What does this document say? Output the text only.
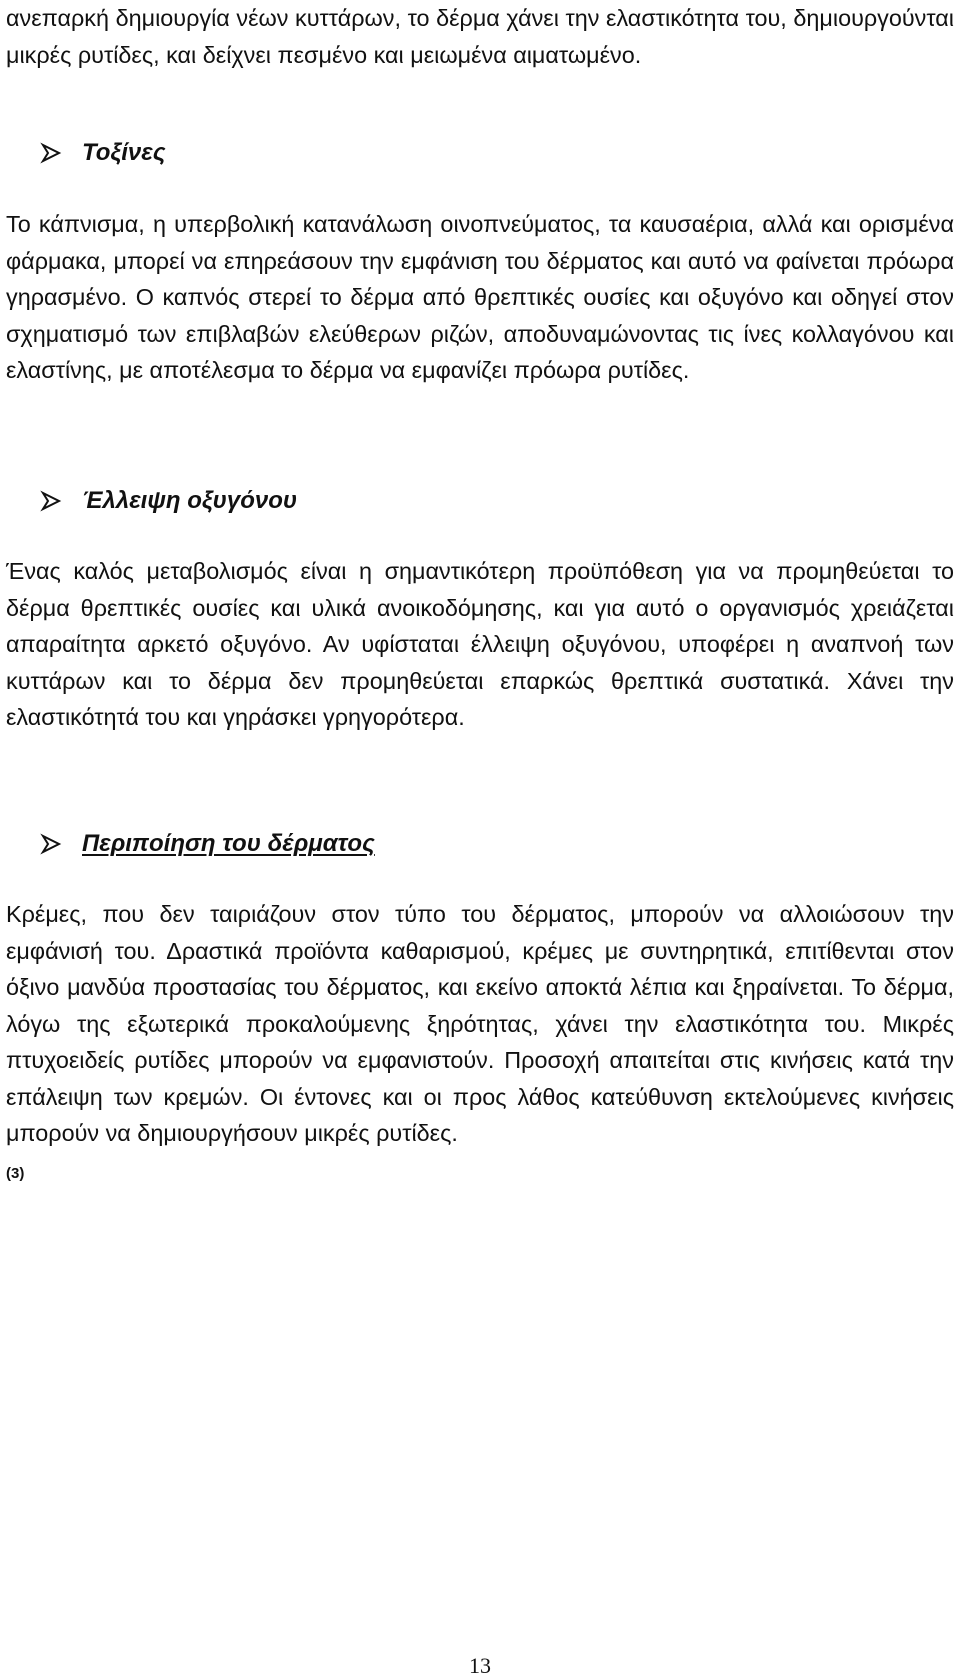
ανεπαρκή δημιουργία νέων κυττάρων, το δέρμα χάνει την ελαστικότητα του, δημιουργούνται μικρές ρυτίδες, και δείχνει πεσμένο και μειωμένα αιματωμένο.

Τοξίνες

Το κάπνισμα, η υπερβολική κατανάλωση οινοπνεύματος, τα καυσαέρια, αλλά και ορισμένα φάρμακα, μπορεί να επηρεάσουν την εμφάνιση του δέρματος και αυτό να φαίνεται πρόωρα γηρασμένο. Ο καπνός στερεί το δέρμα από θρεπτικές ουσίες και οξυγόνο και οδηγεί στον σχηματισμό των επιβλαβών ελεύθερων ριζών, αποδυναμώνοντας τις ίνες κολλαγόνου και ελαστίνης, με αποτέλεσμα το δέρμα να εμφανίζει πρόωρα ρυτίδες.

Έλλειψη οξυγόνου

Ένας καλός μεταβολισμός είναι η σημαντικότερη προϋπόθεση για να προμηθεύεται το δέρμα θρεπτικές ουσίες και υλικά ανοικοδόμησης, και για αυτό ο οργανισμός χρειάζεται απαραίτητα αρκετό οξυγόνο. Αν υφίσταται έλλειψη οξυγόνου, υποφέρει η αναπνοή των κυττάρων και το δέρμα δεν προμηθεύεται επαρκώς θρεπτικά συστατικά. Χάνει την ελαστικότητά του και γηράσκει γρηγορότερα.

Περιποίηση του δέρματος

Κρέμες, που δεν ταιριάζουν στον τύπο του δέρματος, μπορούν να αλλοιώσουν την εμφάνισή του. Δραστικά προϊόντα καθαρισμού, κρέμες με συντηρητικά, επιτίθενται στον όξινο μανδύα προστασίας του δέρματος, και εκείνο αποκτά λέπια και ξηραίνεται. Το δέρμα, λόγω της εξωτερικά προκαλούμενης ξηρότητας, χάνει την ελαστικότητα του. Μικρές πτυχοειδείς ρυτίδες μπορούν να εμφανιστούν. Προσοχή απαιτείται στις κινήσεις κατά την επάλειψη των κρεμών. Οι έντονες και οι προς λάθος κατεύθυνση εκτελούμενες κινήσεις μπορούν να δημιουργήσουν μικρές ρυτίδες.
(3)

13
